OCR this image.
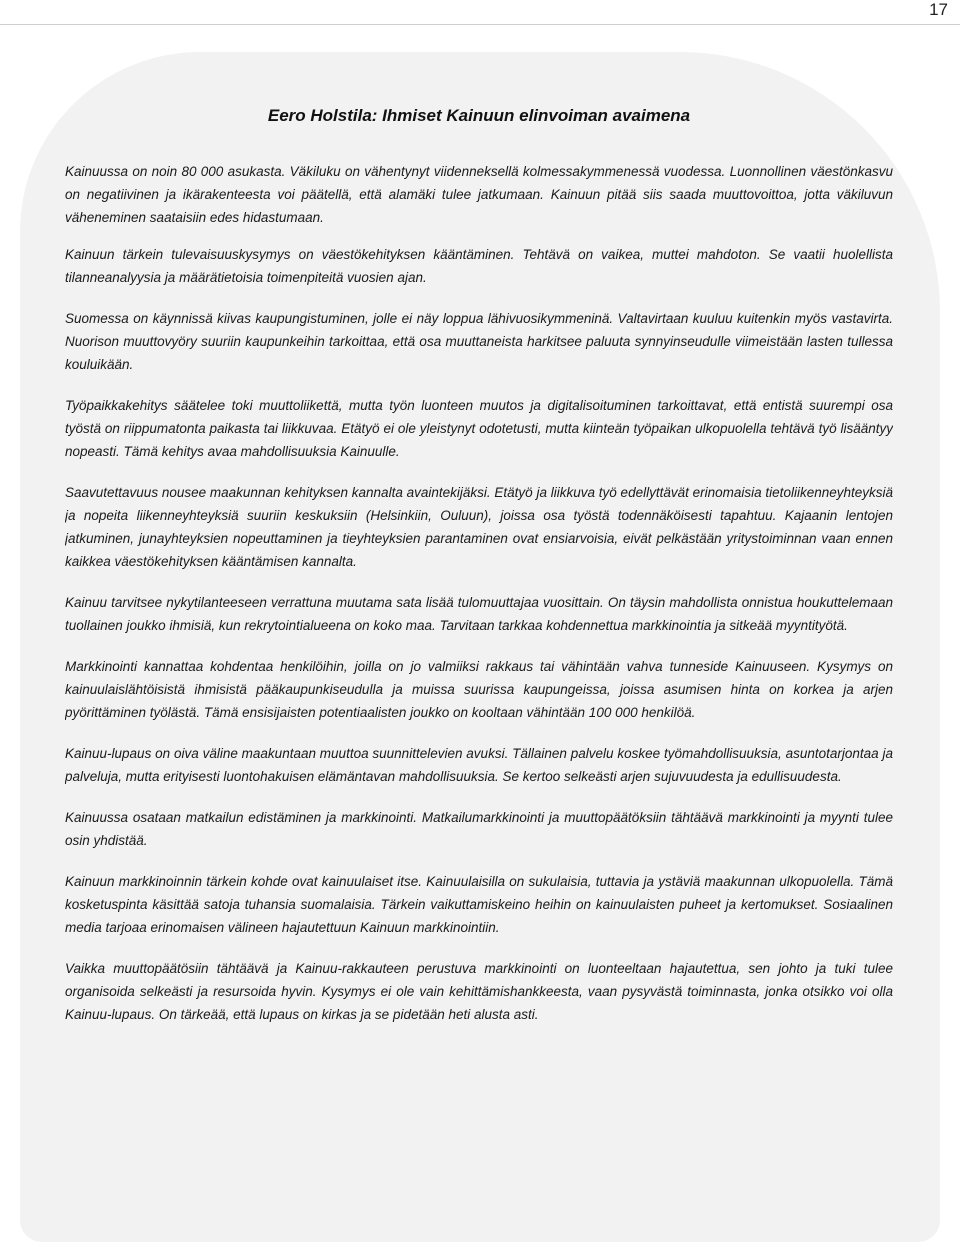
17
Eero Holstila: Ihmiset Kainuun elinvoiman avaimena

Kainuussa on noin 80 000 asukasta. Väkiluku on vähentynyt viidenneksellä kolmessakymmenessä vuodessa. Luonnollinen väestönkasvu on negatiivinen ja ikärakenteesta voi päätellä, että alamäki tulee jatkumaan. Kainuun pitää siis saada muuttovoittoa, jotta väkiluvun väheneminen saataisiin edes hidastumaan.

Kainuun tärkein tulevaisuuskysymys on väestökehityksen kääntäminen. Tehtävä on vaikea, muttei mahdoton. Se vaatii huolellista tilanneanalyysia ja määrätietoisia toimenpiteitä vuosien ajan.

Suomessa on käynnissä kiivas kaupungistuminen, jolle ei näy loppua lähivuosikymmeninä. Valtavirtaan kuuluu kuitenkin myös vastavirta. Nuorison muuttovyöry suuriin kaupunkeihin tarkoittaa, että osa muuttaneista harkitsee paluuta synnyinseudulle viimeistään lasten tullessa kouluikään.

Työpaikkakehitys säätelee toki muuttoliikettä, mutta työn luonteen muutos ja digitalisoituminen tarkoittavat, että entistä suurempi osa työstä on riippumatonta paikasta tai liikkuvaa. Etätyö ei ole yleistynyt odotetusti, mutta kiinteän työpaikan ulkopuolella tehtävä työ lisääntyy nopeasti. Tämä kehitys avaa mahdollisuuksia Kainuulle.

Saavutettavuus nousee maakunnan kehityksen kannalta avaintekijäksi. Etätyö ja liikkuva työ edellyttävät erinomaisia tietoliikenneyhteyksiä ja nopeita liikenneyhteyksiä suuriin keskuksiin (Helsinkiin, Ouluun), joissa osa työstä todennäköisesti tapahtuu. Kajaanin lentojen jatkuminen, junayhteyksien nopeuttaminen ja tieyhteyksien parantaminen ovat ensiarvoisia, eivät pelkästään yritystoiminnan vaan ennen kaikkea väestökehityksen kääntämisen kannalta.

Kainuu tarvitsee nykytilanteeseen verrattuna muutama sata lisää tulomuuttajaa vuosittain. On täysin mahdollista onnistua houkuttelemaan tuollainen joukko ihmisiä, kun rekrytointialueena on koko maa. Tarvitaan tarkkaa kohdennettua markkinointia ja sitkeää myyntityötä.

Markkinointi kannattaa kohdentaa henkilöihin, joilla on jo valmiiksi rakkaus tai vähintään vahva tunneside Kainuuseen. Kysymys on kainuulaislähtöisistä ihmisistä pääkaupunkiseudulla ja muissa suurissa kaupungeissa, joissa asumisen hinta on korkea ja arjen pyörittäminen työlästä. Tämä ensisijaisten potentiaalisten joukko on kooltaan vähintään 100 000 henkilöä.

Kainuu-lupaus on oiva väline maakuntaan muuttoa suunnittelevien avuksi. Tällainen palvelu koskee työmahdollisuuksia, asuntotarjontaa ja palveluja, mutta erityisesti luontohakuisen elämäntavan mahdollisuuksia. Se kertoo selkeästi arjen sujuvuudesta ja edullisuudesta.

Kainuussa osataan matkailun edistäminen ja markkinointi. Matkailumarkkinointi ja muuttopäätöksiin tähtäävä markkinointi ja myynti tulee osin yhdistää.

Kainuun markkinoinnin tärkein kohde ovat kainuulaiset itse. Kainuulaisilla on sukulaisia, tuttavia ja ystäviä maakunnan ulkopuolella. Tämä kosketuspinta käsittää satoja tuhansia suomalaisia. Tärkein vaikuttamiskeino heihin on kainuulaisten puheet ja kertomukset. Sosiaalinen media tarjoaa erinomaisen välineen hajautettuun Kainuun markkinointiin.

Vaikka muuttopäätösiin tähtäävä ja Kainuu-rakkauteen perustuva markkinointi on luonteeltaan hajautettua, sen johto ja tuki tulee organisoida selkeästi ja resursoida hyvin. Kysymys ei ole vain kehittämishankkeesta, vaan pysyvästä toiminnasta, jonka otsikko voi olla Kainuu-lupaus. On tärkeää, että lupaus on kirkas ja se pidetään heti alusta asti.
